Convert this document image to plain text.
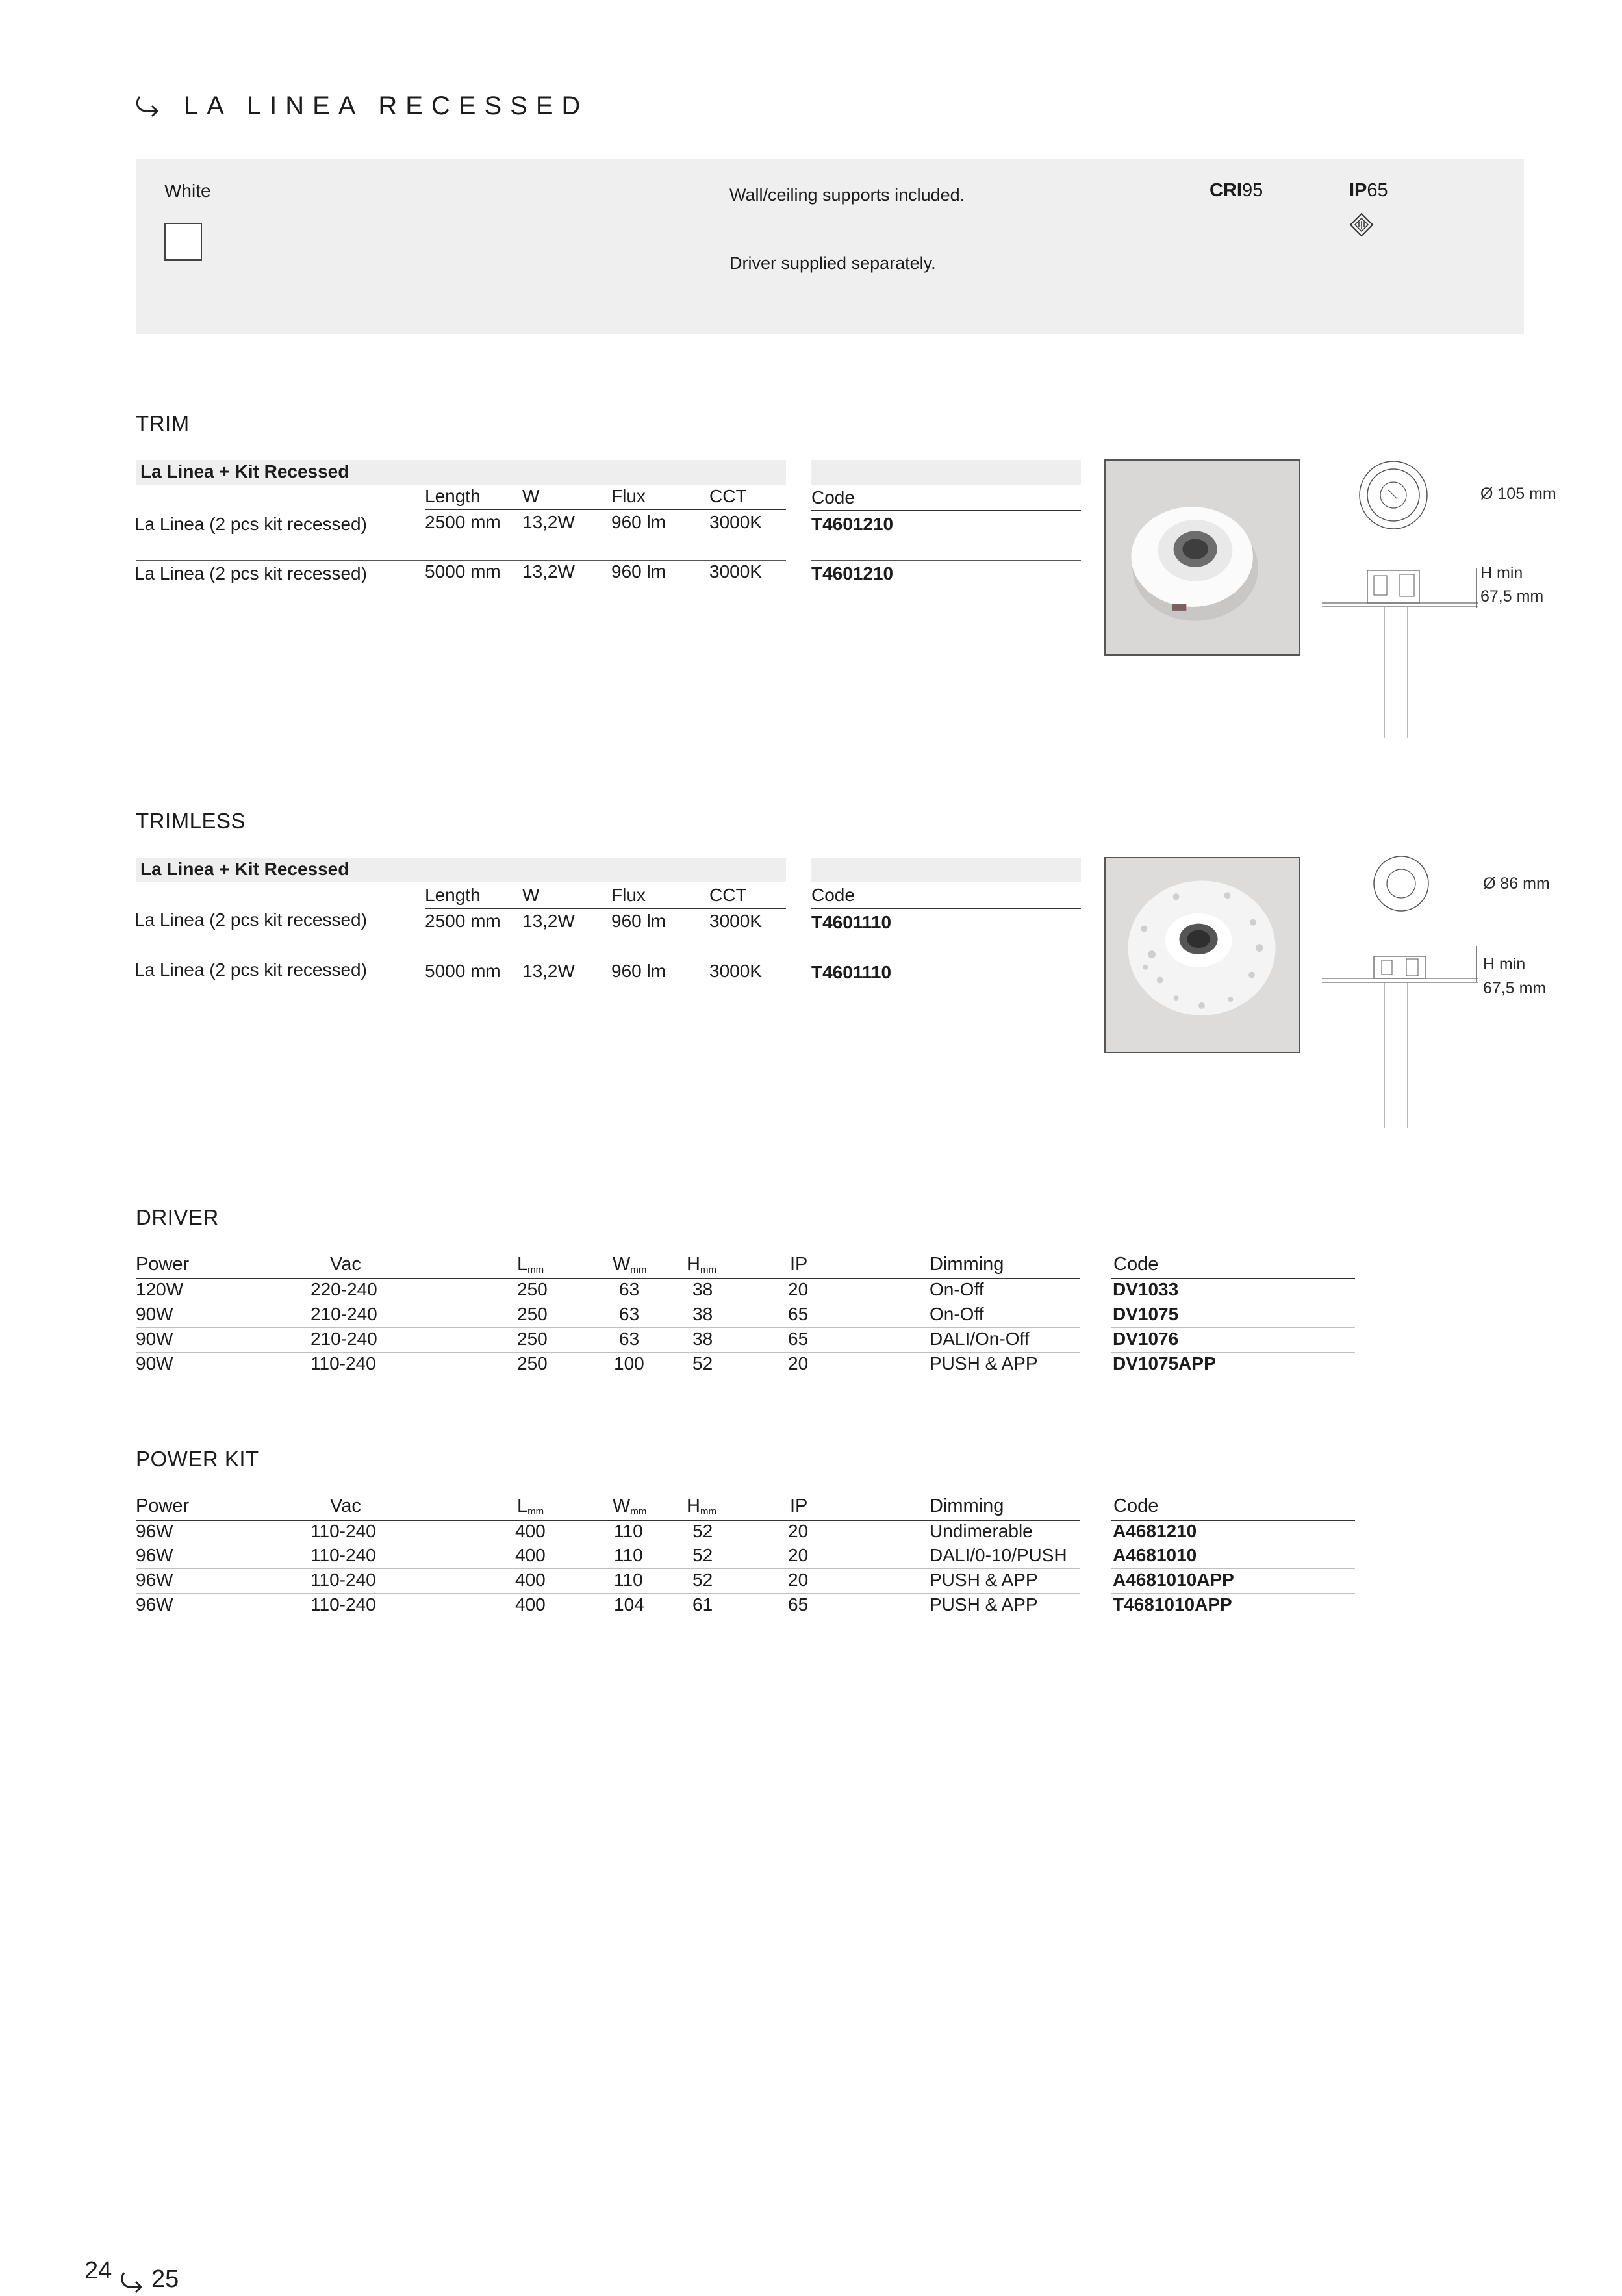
LA LINEA RECESSED
White	Wall/ceiling supports included.
Driver supplied separately.
CRI95	IP65
TRIM
La Linea + Kit Recessed
Length W	Flux	CCT	Code
La Linea (2 pcs kit recessed)	2500 mm 13,2W 960 lm 3000K	T4601210
La Linea (2 pcs kit recessed)	5000 mm 13,2W 960 lm 3000K	T4601210
Ø 105 mm
H min
67,5 mm
TRIMLESS
La Linea + Kit Recessed
Length W	Flux	CCT	Code
La Linea (2 pcs kit recessed)	2500 mm 13,2W 960 lm 3000K	T4601110
La Linea (2 pcs kit recessed)	5000 mm 13,2W 960 lm 3000K	T4601110
Ø 86 mm
H min
67,5 mm
DRIVER
Power	Vac	$L_{mm}$	$W_{mm}$ $H_{mm}$	IP	Dimming	Code
120W	220-240	250	63	38	20	On-Off	DV1033
90W	210-240	250	63	38	65	On-Off	DV1075
90W	210-240	250	63	38	65	DALI/On-Off	DV1076
90W	110-240	250	100	52	20	PUSH & APP	DV1075APP
POWER KIT
Power	Vac	$L_{mm}$	$W_{mm}$ $H_{mm}$	IP	Dimming	Code
96W	110-240	400	110	52	20	Undimerable	A4681210
96W	110-240	400	110	52	20	DALI/0-10/PUSH	A4681010
96W	110-240	400	110	52	20	PUSH & APP	A4681010APP
96W	110-240	400	104	61	65	PUSH & APP	T4681010APP
24 25
